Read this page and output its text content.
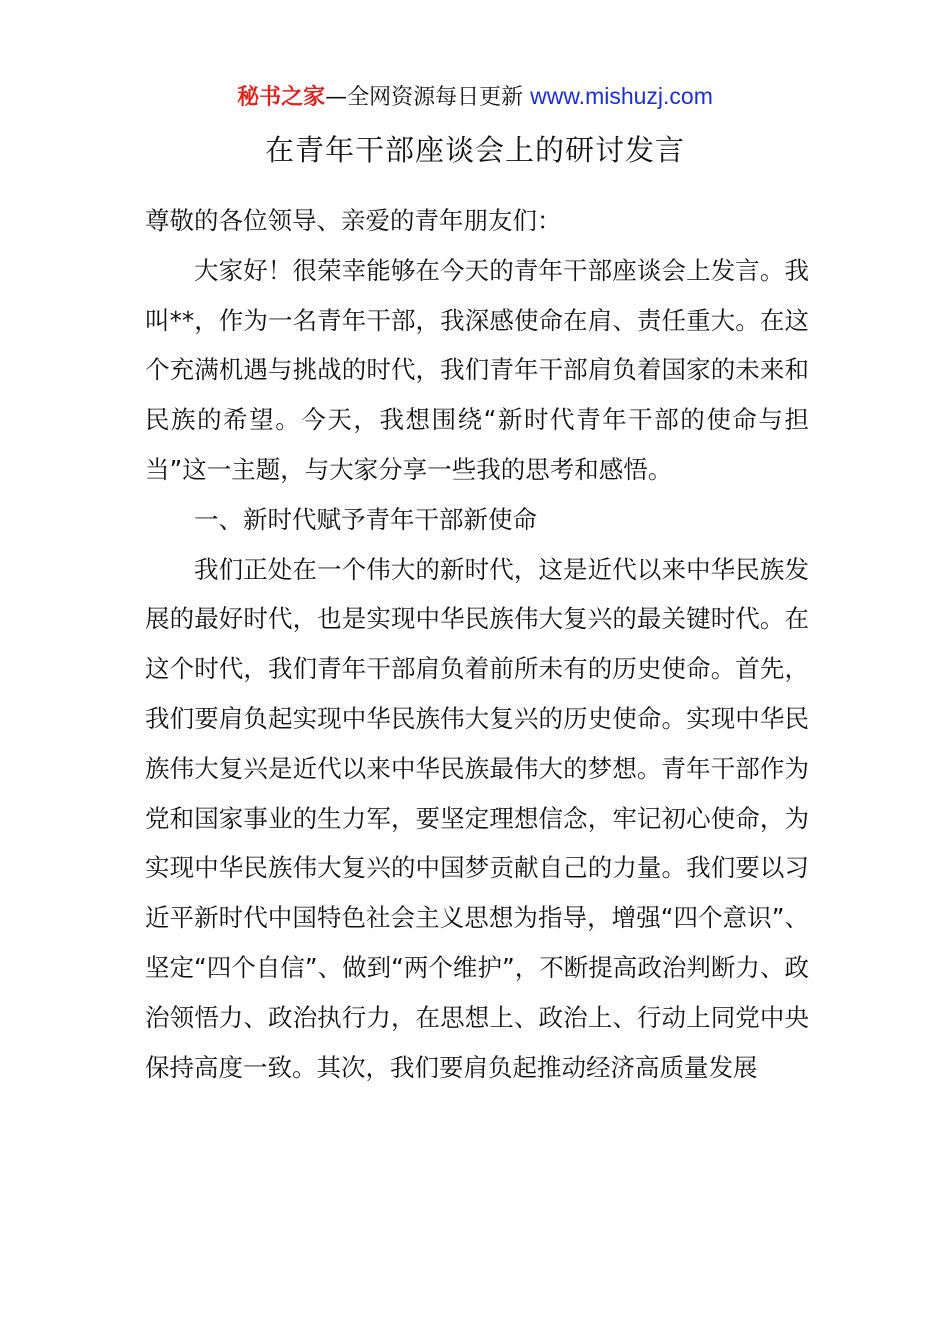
秘书之家—全网资源每日更新 www.mishuzj.com
在青年干部座谈会上的研讨发言

尊敬的各位领导、亲爱的青年朋友们：

大家好！很荣幸能够在今天的青年干部座谈会上发言。我叫**，作为一名青年干部，我深感使命在肩、责任重大。在这个充满机遇与挑战的时代，我们青年干部肩负着国家的未来和民族的希望。今天，我想围绕“新时代青年干部的使命与担当”这一主题，与大家分享一些我的思考和感悟。

一、新时代赋予青年干部新使命

我们正处在一个伟大的新时代，这是近代以来中华民族发展的最好时代，也是实现中华民族伟大复兴的最关键时代。在这个时代，我们青年干部肩负着前所未有的历史使命。首先，我们要肩负起实现中华民族伟大复兴的历史使命。实现中华民族伟大复兴是近代以来中华民族最伟大的梦想。青年干部作为党和国家事业的生力军，要坚定理想信念，牢记初心使命，为实现中华民族伟大复兴的中国梦贡献自己的力量。我们要以习近平新时代中国特色社会主义思想为指导，增强“四个意识”、坚定“四个自信”、做到“两个维护”，不断提高政治判断力、政治领悟力、政治执行力，在思想上、政治上、行动上同党中央保持高度一致。其次，我们要肩负起推动经济高质量发展
